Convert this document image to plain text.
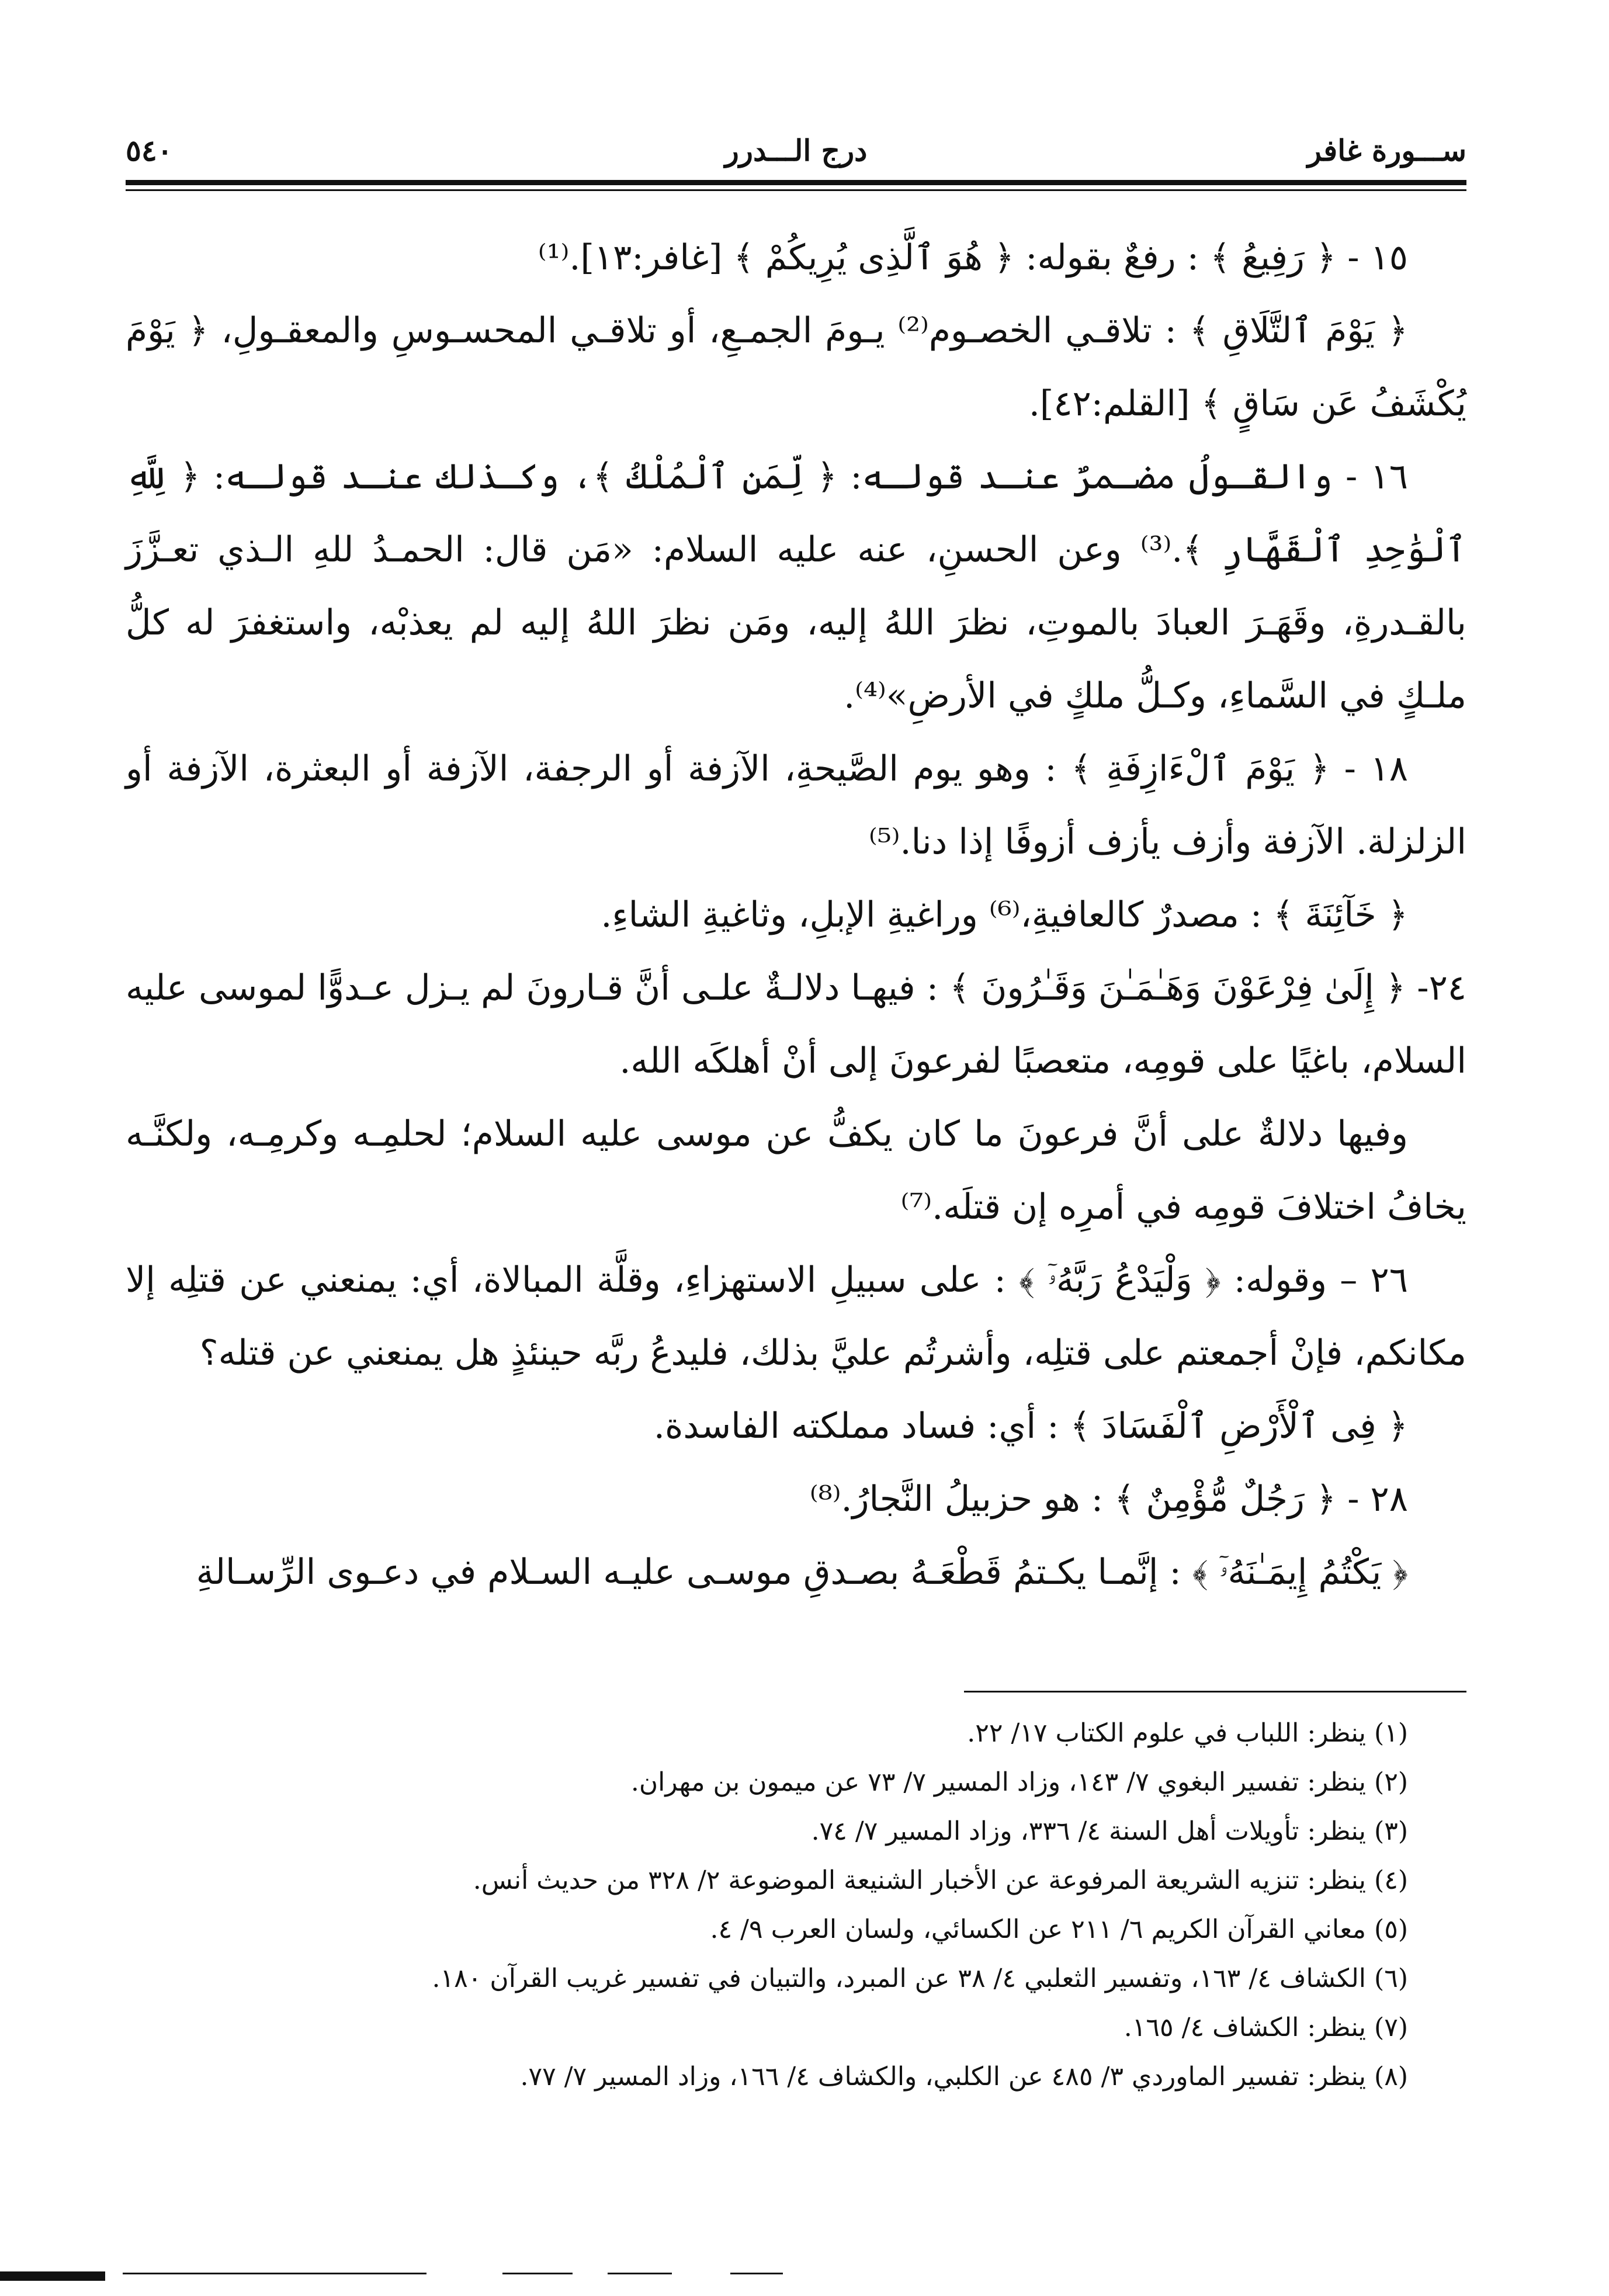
٥٤٠	درج الـــدرر	ســـورة غافر

١٥ - ﴿ رَفِيعُ ﴾ : رفعٌ بقوله: ﴿ هُوَ ٱلَّذِى يُرِيكُمْ ﴾ [غافر:١٣].⁽¹⁾

﴿ يَوْمَ ٱلتَّلَاقِ ﴾ : تلاقـي الخصـوم⁽²⁾ يـومَ الجمـعِ، أو تلاقـي المحسـوسِ والمعقـولِ، ﴿ يَوْمَ يُكْشَفُ عَن سَاقٍ ﴾ [القلم:٤٢].

١٦ - والقـولُ مضـمرٌ عنـد قولـه: ﴿ لِّمَنِ ٱلْمُلْكُ ﴾، وكـذلك عنـد قولـه: ﴿ لِلَّهِ ٱلْوَٰحِدِ ٱلْقَهَّارِ ﴾.⁽³⁾ وعن الحسنِ، عنه عليه السلام: «مَن قال: الحمـدُ للهِ الـذي تعـزَّزَ بالقـدرةِ، وقَهَـرَ العبادَ بالموتِ، نظرَ اللهُ إليه، ومَن نظرَ اللهُ إليه لم يعذبْه، واستغفرَ له كلُّ ملـكٍ في السَّماءِ، وكـلُّ ملكٍ في الأرضِ»⁽⁴⁾.

١٨ - ﴿ يَوْمَ ٱلْءَازِفَةِ ﴾ : وهو يوم الصَّيحةِ، الآزفة أو الرجفة، الآزفة أو البعثرة، الآزفة أو الزلزلة. الآزفة وأزف يأزف أزوفًا إذا دنا.⁽⁵⁾

﴿ خَآئِنَةَ ﴾ : مصدرٌ كالعافيةِ،⁽⁶⁾ وراغيةِ الإبلِ، وثاغيةِ الشاءِ.

٢٤- ﴿ إِلَىٰ فِرْعَوْنَ وَهَـٰمَـٰنَ وَقَـٰرُونَ ﴾ : فيهـا دلالـةٌ علـى أنَّ قـارونَ لم يـزل عـدوًّا لموسى عليه السلام، باغيًا على قومِه، متعصبًا لفرعونَ إلى أنْ أهلكَه الله.

وفيها دلالةٌ على أنَّ فرعونَ ما كان يكفُّ عن موسى عليه السلام؛ لحلمِـه وكرمِـه، ولكنَّـه يخافُ اختلافَ قومِه في أمرِه إن قتلَه.⁽⁷⁾

٢٦ – وقوله: ﴿ وَلْيَدْعُ رَبَّهُۥٓ ﴾ : على سبيلِ الاستهزاءِ، وقلَّة المبالاة، أي: يمنعني عن قتلِه إلا مكانكم، فإنْ أجمعتم على قتلِه، وأشرتُم عليَّ بذلك، فليدعُ ربَّه حينئذٍ هل يمنعني عن قتله؟

﴿ فِى ٱلْأَرْضِ ٱلْفَسَادَ ﴾ : أي: فساد مملكته الفاسدة.

٢٨ - ﴿ رَجُلٌ مُّؤْمِنٌ ﴾ : هو حزبيلُ النَّجارُ.⁽⁸⁾

﴿ يَكْتُمُ إِيمَـٰنَهُۥٓ ﴾ : إنَّمـا يكـتمُ قَطْعَـهُ بصـدقِ موسـى عليـه السـلام في دعـوى الرِّسـالةِ

(١) ينظر: اللباب في علوم الكتاب ١٧/ ٢٢.

(٢) ينظر: تفسير البغوي ٧/ ١٤٣، وزاد المسير ٧/ ٧٣ عن ميمون بن مهران.

(٣) ينظر: تأويلات أهل السنة ٤/ ٣٣٦، وزاد المسير ٧/ ٧٤.

(٤) ينظر: تنزيه الشريعة المرفوعة عن الأخبار الشنيعة الموضوعة ٢/ ٣٢٨ من حديث أنس.

(٥) معاني القرآن الكريم ٦/ ٢١١ عن الكسائي، ولسان العرب ٩/ ٤.

(٦) الكشاف ٤/ ١٦٣، وتفسير الثعلبي ٤/ ٣٨ عن المبرد، والتبيان في تفسير غريب القرآن ١٨٠.

(٧) ينظر: الكشاف ٤/ ١٦٥.

(٨) ينظر: تفسير الماوردي ٣/ ٤٨٥ عن الكلبي، والكشاف ٤/ ١٦٦، وزاد المسير ٧/ ٧٧.
